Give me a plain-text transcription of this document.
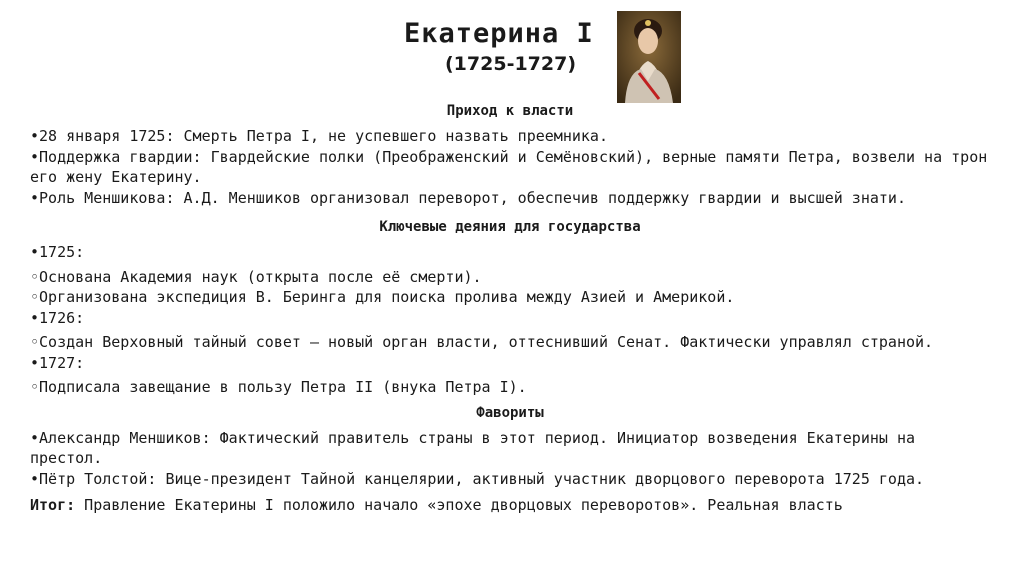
Екатерина I
(1725-1727)
Приход к власти
•28 января 1725: Смерть Петра I, не успевшего назвать преемника.
•Поддержка гвардии: Гвардейские полки (Преображенский и Семёновский), верные памяти Петра, возвели на трон его жену Екатерину.
•Роль Меншикова: А.Д. Меншиков организовал переворот, обеспечив поддержку гвардии и высшей знати.
Ключевые деяния для государства
•1725:
◦Основана Академия наук (открыта после её смерти).
◦Организована экспедиция В. Беринга для поиска пролива между Азией и Америкой.
•1726:
◦Создан Верховный тайный совет — новый орган власти, оттеснивший Сенат. Фактически управлял страной.
•1727:
◦Подписала завещание в пользу Петра II (внука Петра I).
Фавориты
•Александр Меншиков: Фактический правитель страны в этот период. Инициатор возведения Екатерины на престол.
•Пётр Толстой: Вице-президент Тайной канцелярии, активный участник дворцового переворота 1725 года.
Итог: Правление Екатерины I положило начало «эпохе дворцовых переворотов». Реальная власть
